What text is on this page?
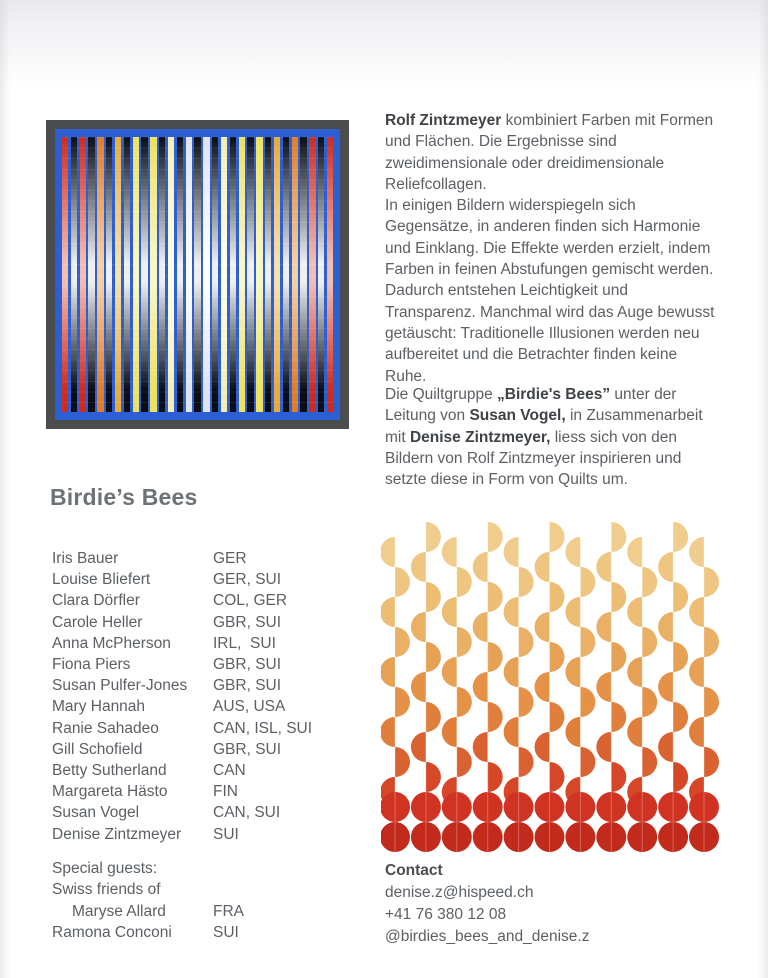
Rolf Zintzmeyer kombiniert Farben mit Formen und Flächen. Die Ergebnisse sind zweidimensionale oder dreidimensionale Reliefcollagen.
In einigen Bildern widerspiegeln sich Gegensätze, in anderen finden sich Harmonie und Einklang. Die Effekte werden erzielt, indem Farben in feinen Abstufungen gemischt werden. Dadurch entstehen Leichtigkeit und Transparenz. Manchmal wird das Auge bewusst getäuscht: Traditionelle Illusionen werden neu aufbereitet und die Betrachter finden keine Ruhe.
Die Quiltgruppe „Birdie's Bees” unter der Leitung von Susan Vogel, in Zusammenarbeit mit Denise Zintzmeyer, liess sich von den Bildern von Rolf Zintzmeyer inspirieren und setzte diese in Form von Quilts um.
Birdie’s Bees
Iris Bauer	GER
Louise Bliefert	GER, SUI
Clara Dörfler	COL, GER
Carole Heller	GBR, SUI
Anna McPherson	IRL,  SUI
Fiona Piers	GBR, SUI
Susan Pulfer-Jones	GBR, SUI
Mary Hannah	AUS, USA
Ranie Sahadeo	CAN, ISL, SUI
Gill Schofield	GBR, SUI
Betty Sutherland	CAN
Margareta Hästo	FIN
Susan Vogel	CAN, SUI
Denise Zintzmeyer	SUI
Special guests:
Swiss friends of
Maryse Allard	FRA
Ramona Conconi	SUI
Contact
denise.z@hispeed.ch
+41 76 380 12 08
@birdies_bees_and_denise.z
